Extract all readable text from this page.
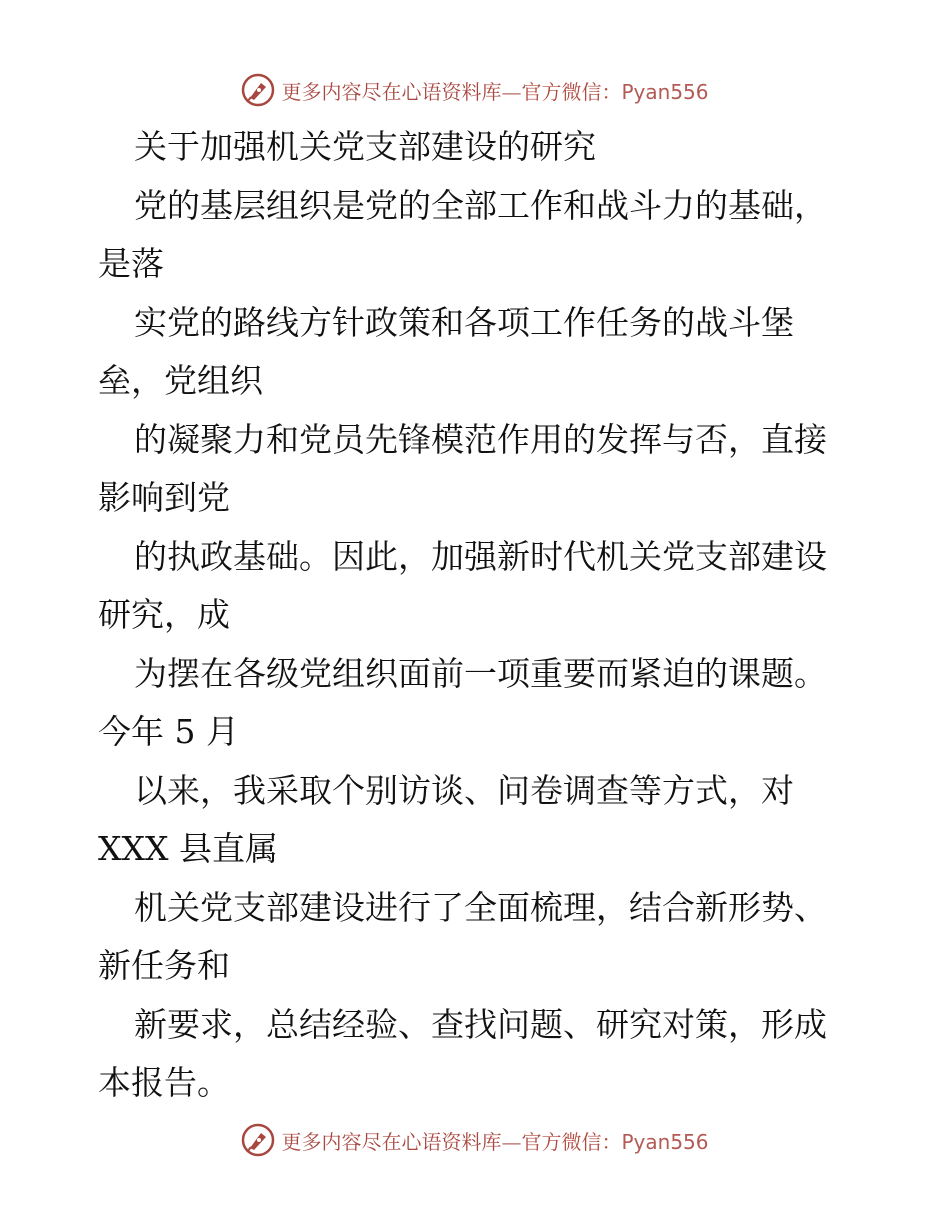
更多内容尽在心语资料库—官方微信：Pyan556
关于加强机关党支部建设的研究
党的基层组织是党的全部工作和战斗力的基础，
是落
实党的路线方针政策和各项工作任务的战斗堡
垒，党组织
的凝聚力和党员先锋模范作用的发挥与否，直接
影响到党
的执政基础。因此，加强新时代机关党支部建设
研究，成
为摆在各级党组织面前一项重要而紧迫的课题。
今年 5 月
以来，我采取个别访谈、问卷调查等方式，对
XXX 县直属
机关党支部建设进行了全面梳理，结合新形势、
新任务和
新要求，总结经验、查找问题、研究对策，形成
本报告。
更多内容尽在心语资料库—官方微信：Pyan556
